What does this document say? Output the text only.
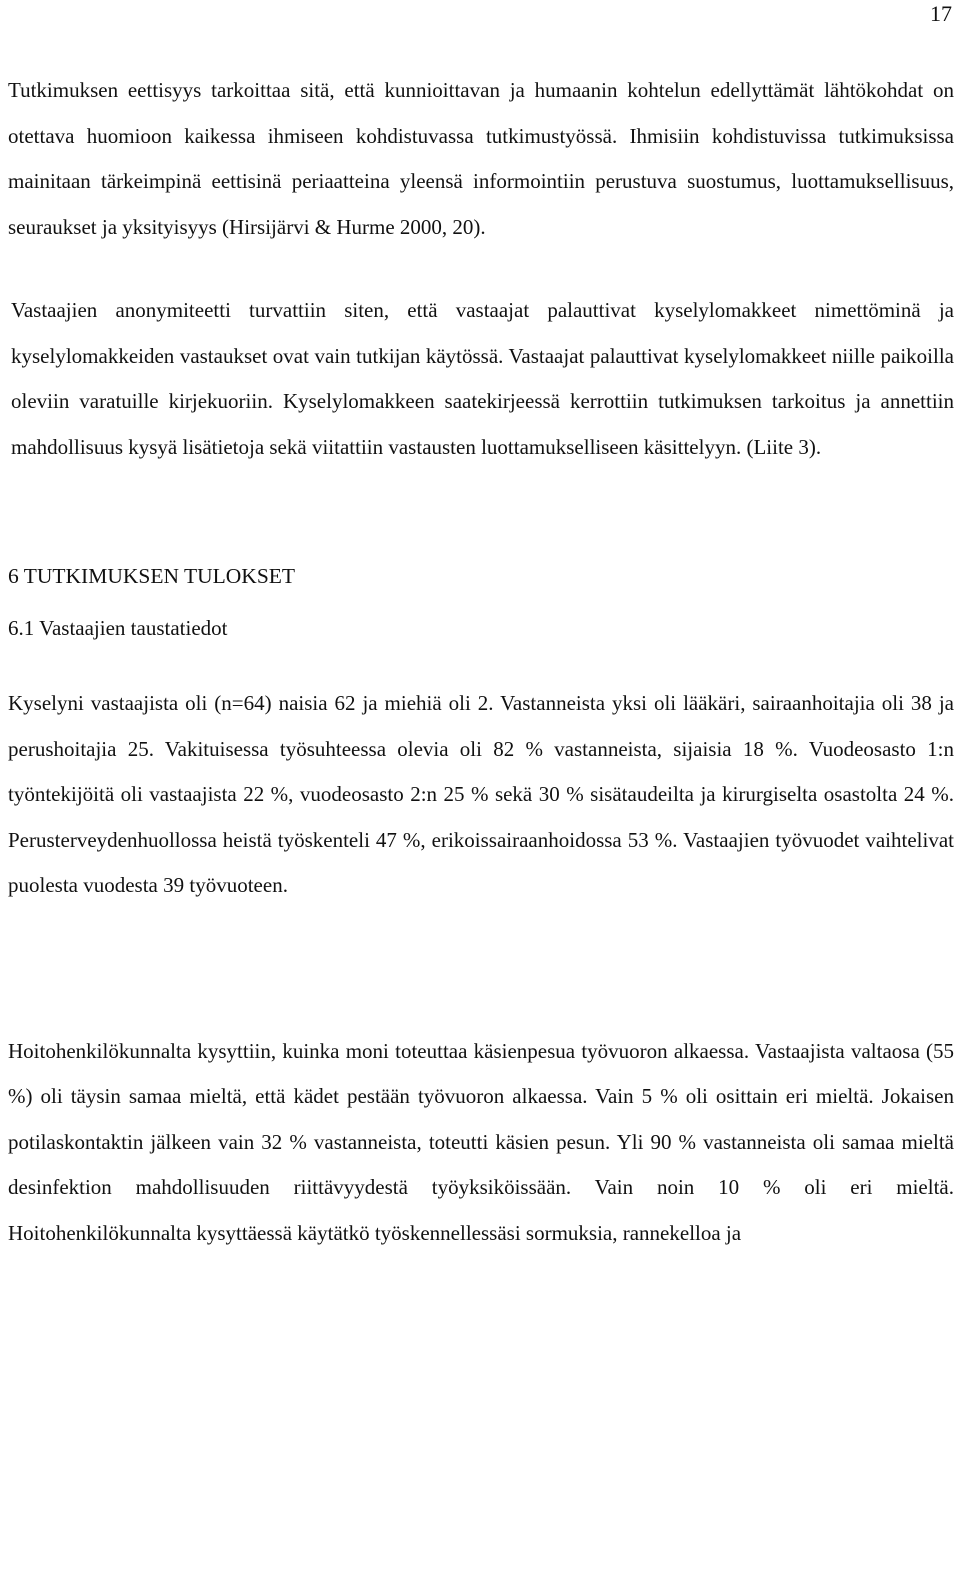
17

Tutkimuksen eettisyys tarkoittaa sitä, että kunnioittavan ja humaanin kohtelun edellyttämät lähtökohdat on otettava huomioon kaikessa ihmiseen kohdistuvassa tutkimustyössä. Ihmisiin kohdistuvissa tutkimuksissa mainitaan tärkeimpinä eettisinä periaatteina yleensä informointiin perustuva suostumus, luottamuksellisuus, seuraukset ja yksityisyys (Hirsijärvi & Hurme 2000, 20).

Vastaajien anonymiteetti turvattiin siten, että vastaajat palauttivat kyselylomakkeet nimettöminä ja kyselylomakkeiden vastaukset ovat vain tutkijan käytössä. Vastaajat palauttivat kyselylomakkeet niille paikoilla oleviin varatuille kirjekuoriin. Kyselylomakkeen saatekirjeessä kerrottiin tutkimuksen tarkoitus ja annettiin mahdollisuus kysyä lisätietoja sekä viitattiin vastausten luottamukselliseen käsittelyyn. (Liite 3).

6 TUTKIMUKSEN TULOKSET
6.1 Vastaajien taustatiedot

Kyselyni vastaajista oli (n=64) naisia 62 ja miehiä oli 2. Vastanneista yksi oli lääkäri, sairaanhoitajia oli 38 ja perushoitajia 25. Vakituisessa työsuhteessa olevia oli 82 % vastanneista, sijaisia 18 %. Vuodeosasto 1:n työntekijöitä oli vastaajista 22 %, vuodeosasto 2:n 25 % sekä 30 % sisätaudeilta ja kirurgiselta osastolta 24 %. Perusterveydenhuollossa heistä työskenteli 47 %, erikoissairaanhoidossa 53 %. Vastaajien työvuodet vaihtelivat puolesta vuodesta 39 työvuoteen.

Hoitohenkilökunnalta kysyttiin, kuinka moni toteuttaa käsienpesua työvuoron alkaessa. Vastaajista valtaosa (55 %) oli täysin samaa mieltä, että kädet pestään työvuoron alkaessa. Vain 5 % oli osittain eri mieltä. Jokaisen potilaskontaktin jälkeen vain 32 % vastanneista, toteutti käsien pesun. Yli 90 % vastanneista oli samaa mieltä desinfektion mahdollisuuden riittävyydestä työyksiköissään. Vain noin 10 % oli eri mieltä. Hoitohenkilökunnalta kysyttäessä käytätkö työskennellessäsi sormuksia, rannekelloa ja
